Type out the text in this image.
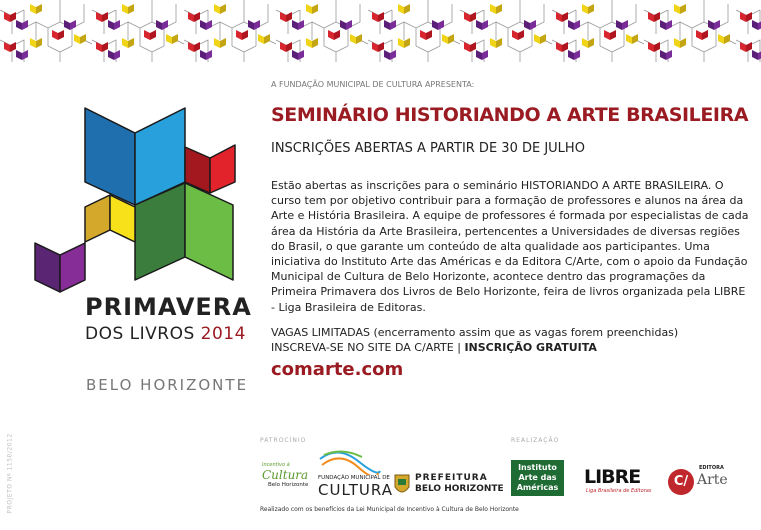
PRIMAVERA
DOS LIVROS 2014
BELO HORIZONTE
A FUNDAÇÃO MUNICIPAL DE CULTURA APRESENTA:
SEMINÁRIO HISTORIANDO A ARTE BRASILEIRA
INSCRIÇÕES ABERTAS A PARTIR DE 30 DE JULHO
Estão abertas as inscrições para o seminário HISTORIANDO A ARTE BRASILEIRA. O curso tem por objetivo contribuir para a formação de professores e alunos na área da Arte e História Brasileira. A equipe de professores é formada por especialistas de cada área da História da Arte Brasileira, pertencentes a Universidades de diversas regiões do Brasil, o que garante um conteúdo de alta qualidade aos participantes. Uma iniciativa do Instituto Arte das Américas e da Editora C/Arte, com o apoio da Fundação Municipal de Cultura de Belo Horizonte, acontece dentro das programações da Primeira Primavera dos Livros de Belo Horizonte, feira de livros organizada pela LIBRE - Liga Brasileira de Editoras.
VAGAS LIMITADAS (encerramento assim que as vagas forem preenchidas)
INSCREVA-SE NO SITE DA C/ARTE | INSCRIÇÃO GRATUITA
comarte.com
PROJETO Nº 1150/2012	PATROCÍNIO	REALIZAÇÃO
Incentivo à
Cultura
Belo Horizonte
FUNDAÇÃO MUNICIPAL DE
CULTURA
PREFEITURA
BELO HORIZONTE
Instituto Arte das Américas	LIBRE
Liga Brasileira de Editoras
C/
EDITORA
Arte
Realizado com os benefícios da Lei Municipal de Incentivo à Cultura de Belo Horizonte
